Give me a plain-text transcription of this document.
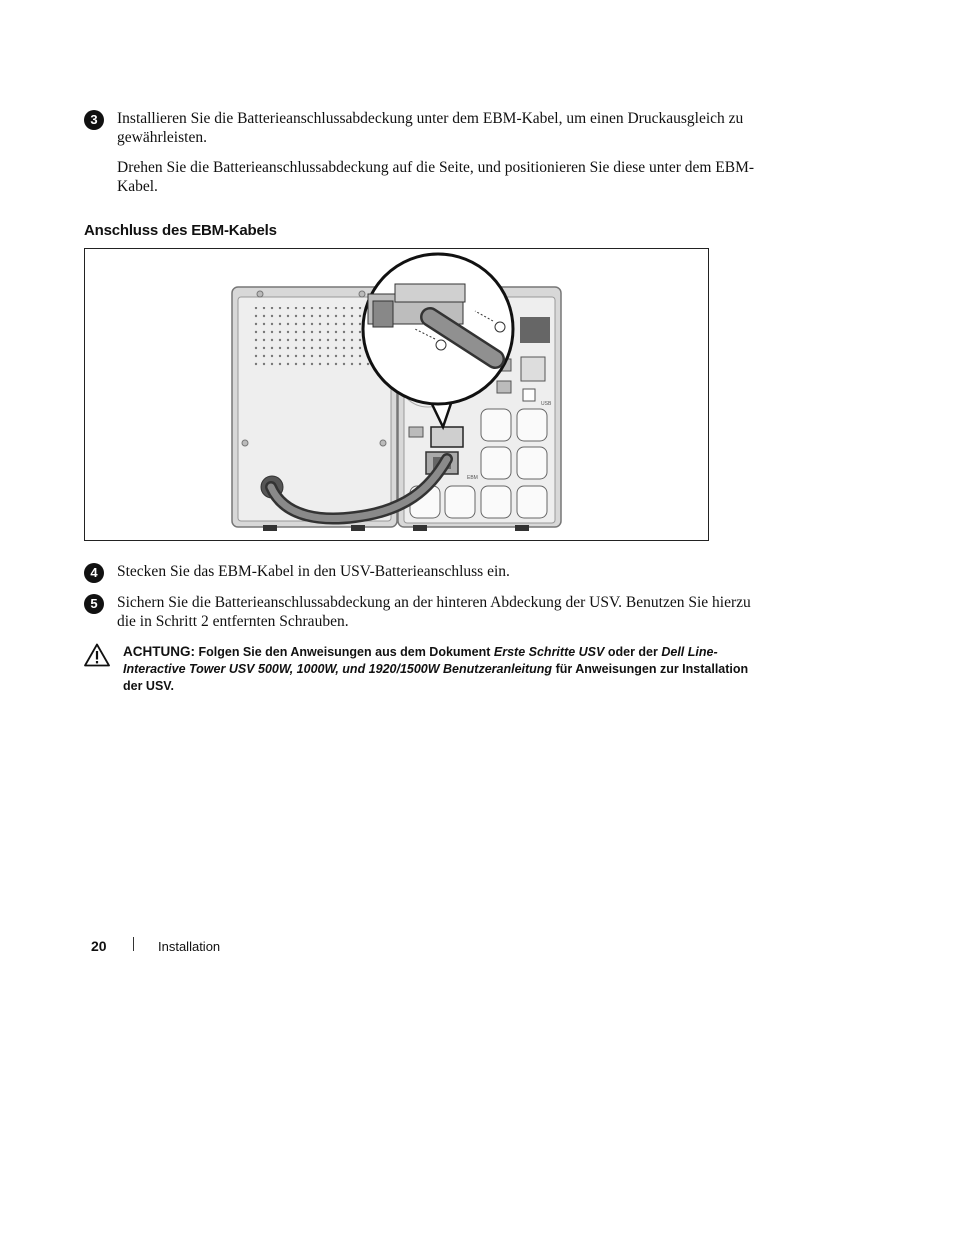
3	Installieren Sie die Batterieanschlussabdeckung unter dem EBM-Kabel, um einen Druckausgleich zu gewährleisten.
Drehen Sie die Batterieanschlussabdeckung auf die Seite, und positionieren Sie diese unter dem EBM-Kabel.
Anschluss des EBM-Kabels
USB
EBM
4	Stecken Sie das EBM-Kabel in den USV-Batterieanschluss ein.
5	Sichern Sie die Batterieanschlussabdeckung an der hinteren Abdeckung der USV. Benutzen Sie hierzu die in Schritt 2 entfernten Schrauben.
ACHTUNG: Folgen Sie den Anweisungen aus dem Dokument Erste Schritte USV oder der Dell Line-Interactive Tower USV 500W, 1000W, und 1920/1500W Benutzeranleitung für Anweisungen zur Installation der USV.
20	Installation
